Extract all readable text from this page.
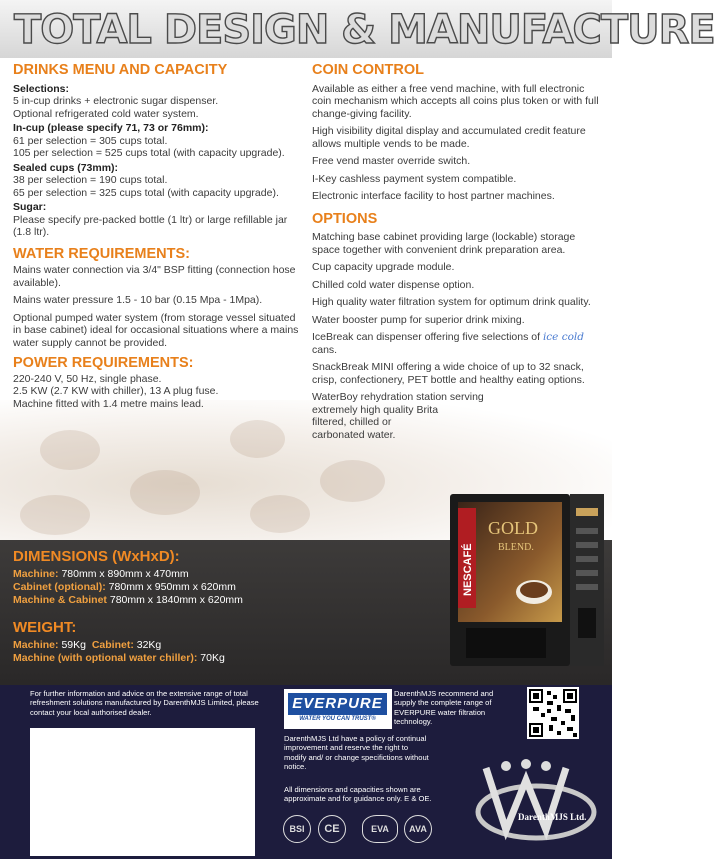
TOTAL DESIGN & MANUFACTURE
DRINKS MENU AND CAPACITY
Selections:
5 in-cup drinks + electronic sugar dispenser.
Optional refrigerated cold water system.
In-cup (please specify 71, 73 or 76mm):
61 per selection = 305 cups total.
105 per selection = 525 cups total (with capacity upgrade).
Sealed cups (73mm):
38 per selection = 190 cups total.
65 per selection = 325 cups total (with capacity upgrade).
Sugar:
Please specify pre-packed bottle (1 ltr) or large refillable jar (1.8 ltr).
WATER REQUIREMENTS:

Mains water connection via 3/4" BSP fitting (connection hose available).

Mains water pressure 1.5 - 10 bar (0.15 Mpa - 1Mpa).

Optional pumped water system (from storage vessel situated in base cabinet) ideal for occasional situations where a mains water supply cannot be provided.

POWER REQUIREMENTS:
220-240 V, 50 Hz, single phase.
2.5 KW (2.7 KW with chiller), 13 A plug fuse.
Machine fitted with 1.4 metre mains lead.
COIN CONTROL

Available as either a free vend machine, with full electronic coin mechanism which accepts all coins plus token or with full change-giving facility.

High visibility digital display and accumulated credit feature allows multiple vends to be made.

Free vend master override switch.

I-Key cashless payment system compatible.

Electronic interface facility to host partner machines.

OPTIONS

Matching base cabinet providing large (lockable) storage space together with convenient drink preparation area.

Cup capacity upgrade module.

Chilled cold water dispense option.

High quality water filtration system for optimum drink quality.

Water booster pump for superior drink mixing.

IceBreak can dispenser offering five selections of ice cold cans.

SnackBreak MINI offering a wide choice of up to 32 snack, crisp, confectionery, PET bottle and healthy eating options.

WaterBoy rehydration station serving extremely high quality Brita
filtered, chilled or
carbonated water.
DIMENSIONS (WxHxD):
Machine: 780mm x 890mm x 470mm
Cabinet (optional): 780mm x 950mm x 620mm
Machine & Cabinet 780mm x 1840mm x 620mm
WEIGHT:
Machine: 59Kg Cabinet: 32Kg
Machine (with optional water chiller): 70Kg
NESCAFÉ
GOLD
BLEND.
For further information and advice on the extensive range of total refreshment solutions manufactured by DarenthMJS Limited, please contact your local authorised dealer.
DarenthMJS recommend and supply the complete range of EVERPURE water filtration technology.
DarenthMJS Ltd have a policy of continual improvement and reserve the right to modify and/ or change specifictions without notice.
All dimensions and capacities shown are approximate and for guidance only. E & OE.
EVERPURE
WATER YOU CAN TRUST®
DarenthMJS Ltd.
BSI	CE	EVA	AVA
